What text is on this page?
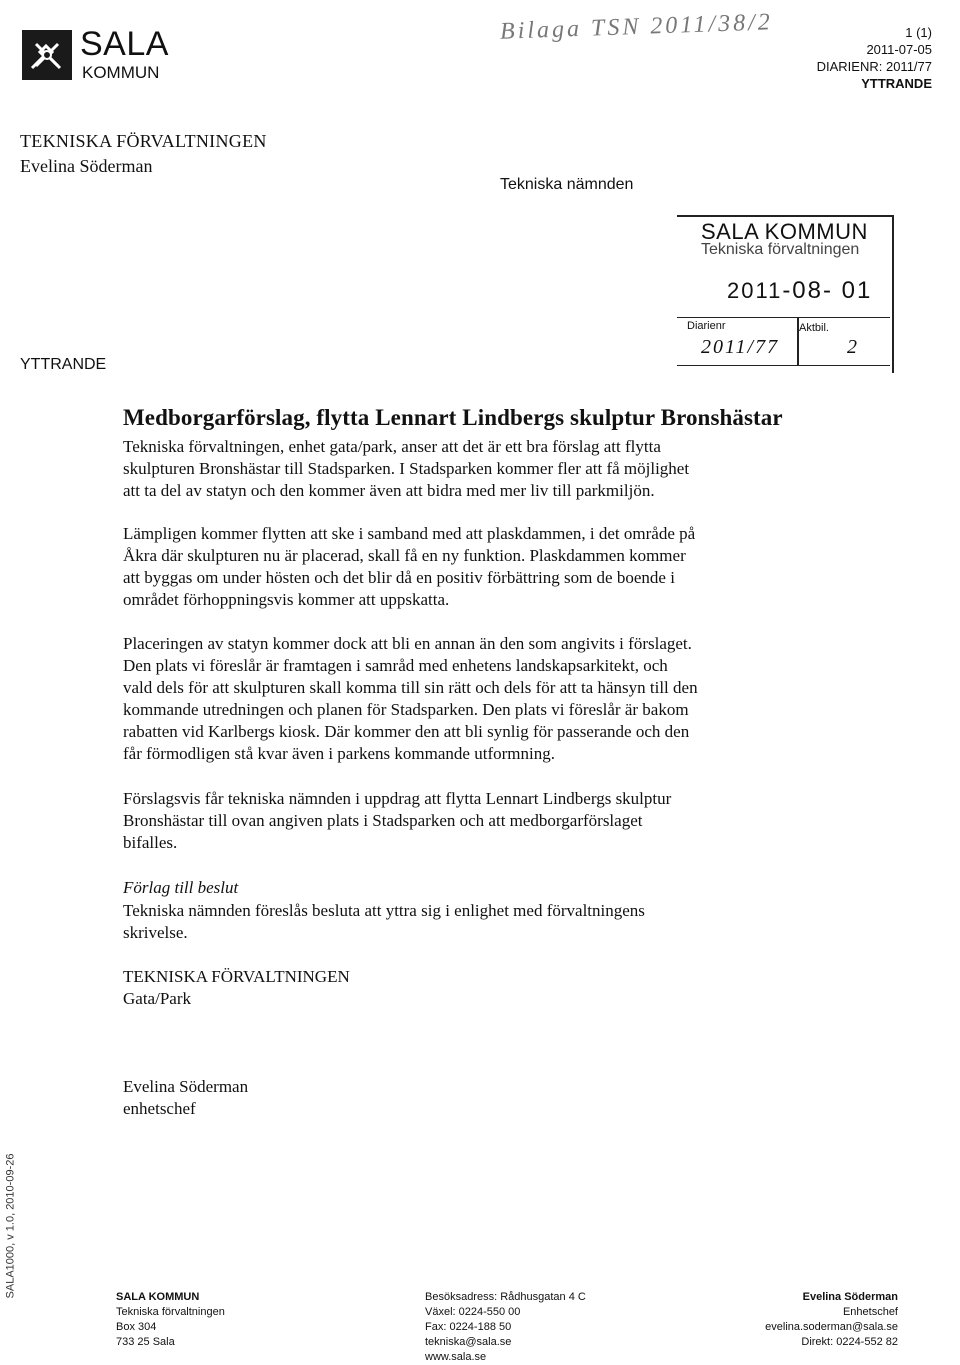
SALA
KOMMUN
Bilaga TSN 2011/38/2	1 (1)
2011-07-05
DIARIENR: 2011/77
YTTRANDE
TEKNISKA FÖRVALTNINGEN
Evelina Söderman
Tekniska nämnden
SALA KOMMUN
Tekniska förvaltningen
2011-08- 01
Diarienr	Aktbil.
2011/77	2
YTTRANDE
Medborgarförslag, flytta Lennart Lindbergs skulptur Bronshästar

Tekniska förvaltningen, enhet gata/park, anser att det är ett bra förslag att flytta

skulpturen Bronshästar till Stadsparken. I Stadsparken kommer fler att få möjlighet

att ta del av statyn och den kommer även att bidra med mer liv till parkmiljön.

Lämpligen kommer flytten att ske i samband med att plaskdammen, i det område på

Åkra där skulpturen nu är placerad, skall få en ny funktion. Plaskdammen kommer

att byggas om under hösten och det blir då en positiv förbättring som de boende i

området förhoppningsvis kommer att uppskatta.

Placeringen av statyn kommer dock att bli en annan än den som angivits i förslaget.

Den plats vi föreslår är framtagen i samråd med enhetens landskapsarkitekt, och

vald dels för att skulpturen skall komma till sin rätt och dels för att ta hänsyn till den

kommande utredningen och planen för Stadsparken. Den plats vi föreslår är bakom

rabatten vid Karlbergs kiosk. Där kommer den att bli synlig för passerande och den

får förmodligen stå kvar även i parkens kommande utformning.

Förslagsvis får tekniska nämnden i uppdrag att flytta Lennart Lindbergs skulptur

Bronshästar till ovan angiven plats i Stadsparken och att medborgarförslaget

bifalles.

Förlag till beslut
Tekniska nämnden föreslås besluta att yttra sig i enlighet med förvaltningens
skrivelse.
TEKNISKA FÖRVALTNINGEN
Gata/Park
Evelina Söderman
enhetschef
SALA1000, v 1.0, 2010-09-26	SALA KOMMUN
Tekniska förvaltningen
Box 304
733 25 Sala
Besöksadress: Rådhusgatan 4 C
Växel: 0224-550 00
Fax: 0224-188 50
tekniska@sala.se
www.sala.se
Evelina Söderman
Enhetschef
evelina.soderman@sala.se
Direkt: 0224-552 82
